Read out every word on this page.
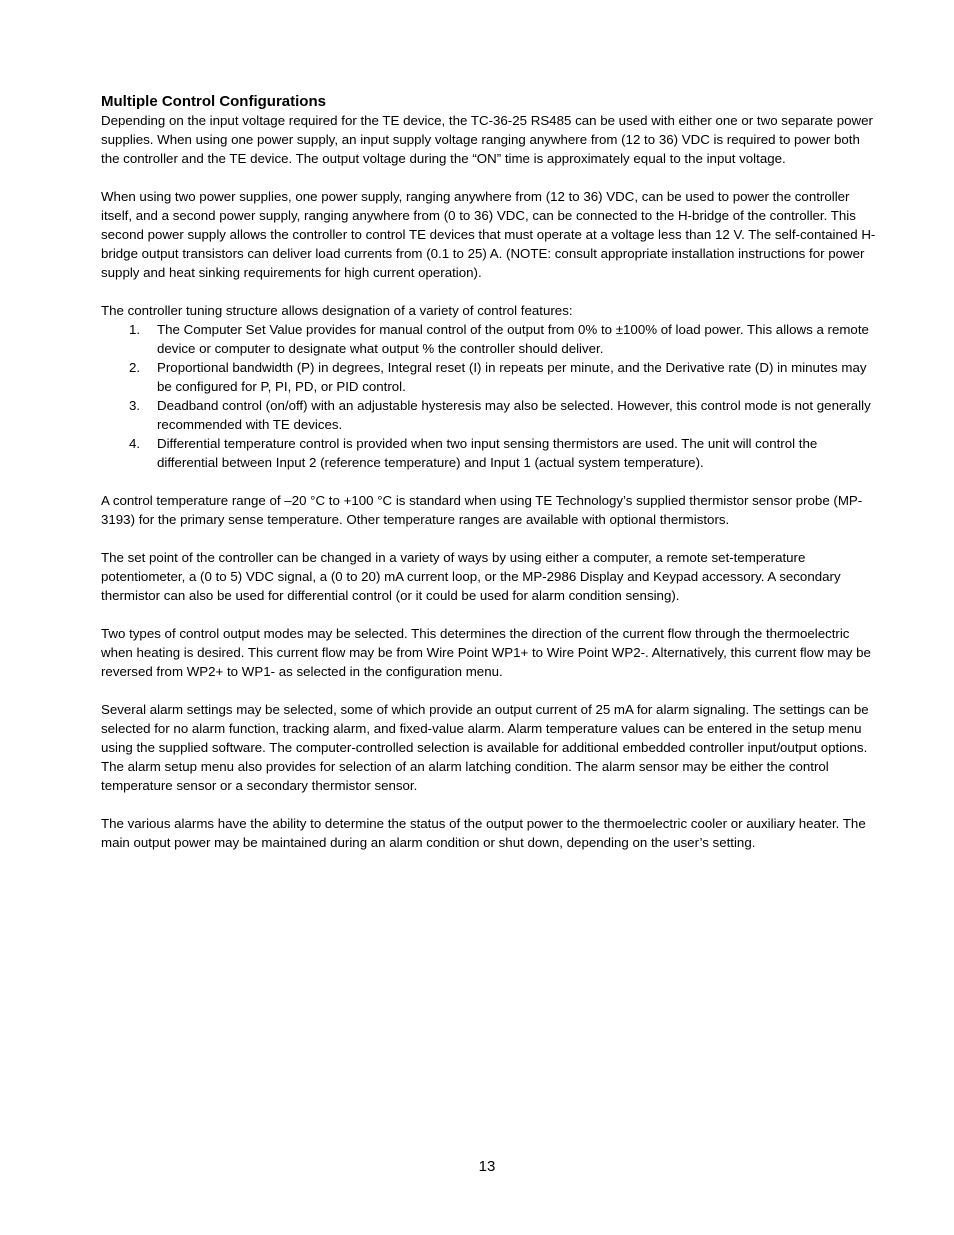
Multiple Control Configurations

Depending on the input voltage required for the TE device, the TC-36-25 RS485 can be used with either one or two separate power supplies. When using one power supply, an input supply voltage ranging anywhere from (12 to 36) VDC is required to power both the controller and the TE device. The output voltage during the “ON” time is approximately equal to the input voltage.

When using two power supplies, one power supply, ranging anywhere from (12 to 36) VDC, can be used to power the controller itself, and a second power supply, ranging anywhere from (0 to 36) VDC, can be connected to the H-bridge of the controller. This second power supply allows the controller to control TE devices that must operate at a voltage less than 12 V. The self-contained H-bridge output transistors can deliver load currents from (0.1 to 25) A. (NOTE: consult appropriate installation instructions for power supply and heat sinking requirements for high current operation).

The controller tuning structure allows designation of a variety of control features:

1. The Computer Set Value provides for manual control of the output from 0% to ±100% of load power. This allows a remote device or computer to designate what output % the controller should deliver.
2. Proportional bandwidth (P) in degrees, Integral reset (I) in repeats per minute, and the Derivative rate (D) in minutes may be configured for P, PI, PD, or PID control.
3. Deadband control (on/off) with an adjustable hysteresis may also be selected. However, this control mode is not generally recommended with TE devices.
4. Differential temperature control is provided when two input sensing thermistors are used. The unit will control the differential between Input 2 (reference temperature) and Input 1 (actual system temperature).

A control temperature range of –20 °C to +100 °C is standard when using TE Technology’s supplied thermistor sensor probe (MP-3193) for the primary sense temperature. Other temperature ranges are available with optional thermistors.

The set point of the controller can be changed in a variety of ways by using either a computer, a remote set-temperature potentiometer, a (0 to 5) VDC signal, a (0 to 20) mA current loop, or the MP-2986 Display and Keypad accessory. A secondary thermistor can also be used for differential control (or it could be used for alarm condition sensing).

Two types of control output modes may be selected. This determines the direction of the current flow through the thermoelectric when heating is desired. This current flow may be from Wire Point WP1+ to Wire Point WP2-. Alternatively, this current flow may be reversed from WP2+ to WP1- as selected in the configuration menu.

Several alarm settings may be selected, some of which provide an output current of 25 mA for alarm signaling. The settings can be selected for no alarm function, tracking alarm, and fixed-value alarm. Alarm temperature values can be entered in the setup menu using the supplied software. The computer-controlled selection is available for additional embedded controller input/output options. The alarm setup menu also provides for selection of an alarm latching condition. The alarm sensor may be either the control temperature sensor or a secondary thermistor sensor.

The various alarms have the ability to determine the status of the output power to the thermoelectric cooler or auxiliary heater. The main output power may be maintained during an alarm condition or shut down, depending on the user’s setting.

13
